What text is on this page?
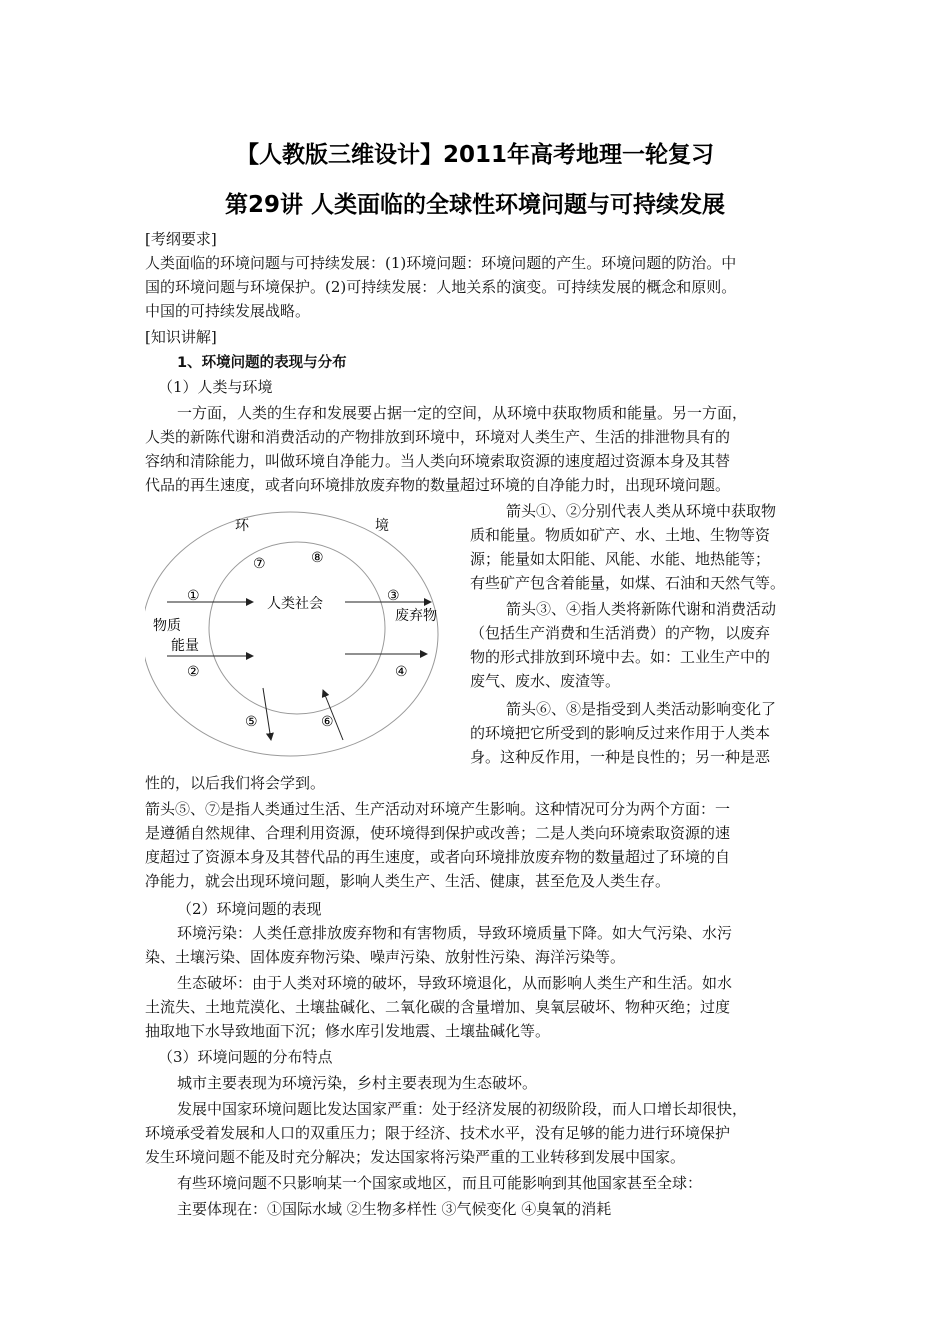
【人教版三维设计】2011年高考地理一轮复习
第29讲 人类面临的全球性环境问题与可持续发展
[考纲要求]
人类面临的环境问题与可持续发展：(1)环境问题：环境问题的产生。环境问题的防治。中
国的环境问题与环境保护。(2)可持续发展：人地关系的演变。可持续发展的概念和原则。
中国的可持续发展战略。
[知识讲解]
1、环境问题的表现与分布
（1）人类与环境
一方面，人类的生存和发展要占据一定的空间，从环境中获取物质和能量。另一方面，
人类的新陈代谢和消费活动的产物排放到环境中，环境对人类生产、生活的排泄物具有的
容纳和清除能力，叫做环境自净能力。当人类向环境索取资源的速度超过资源本身及其替
代品的再生速度，或者向环境排放废弃物的数量超过环境的自净能力时，出现环境问题。
环	境
人类社会
物质
能量
废弃物
⑦	⑧
①	③
②	④
⑤	⑥
箭头①、②分别代表人类从环境中获取物
质和能量。物质如矿产、水、土地、生物等资
源；能量如太阳能、风能、水能、地热能等；
有些矿产包含着能量，如煤、石油和天然气等。
箭头③、④指人类将新陈代谢和消费活动
（包括生产消费和生活消费）的产物，以废弃
物的形式排放到环境中去。如：工业生产中的
废气、废水、废渣等。
箭头⑥、⑧是指受到人类活动影响变化了
的环境把它所受到的影响反过来作用于人类本
身。这种反作用，一种是良性的；另一种是恶
性的，以后我们将会学到。
箭头⑤、⑦是指人类通过生活、生产活动对环境产生影响。这种情况可分为两个方面：一
是遵循自然规律、合理利用资源，使环境得到保护或改善；二是人类向环境索取资源的速
度超过了资源本身及其替代品的再生速度，或者向环境排放废弃物的数量超过了环境的自
净能力，就会出现环境问题，影响人类生产、生活、健康，甚至危及人类生存。
（2）环境问题的表现
环境污染：人类任意排放废弃物和有害物质，导致环境质量下降。如大气污染、水污
染、土壤污染、固体废弃物污染、噪声污染、放射性污染、海洋污染等。
生态破坏：由于人类对环境的破坏，导致环境退化，从而影响人类生产和生活。如水
土流失、土地荒漠化、土壤盐碱化、二氧化碳的含量增加、臭氧层破坏、物种灭绝；过度
抽取地下水导致地面下沉；修水库引发地震、土壤盐碱化等。
（3）环境问题的分布特点
城市主要表现为环境污染，乡村主要表现为生态破坏。
发展中国家环境问题比发达国家严重：处于经济发展的初级阶段，而人口增长却很快，
环境承受着发展和人口的双重压力；限于经济、技术水平，没有足够的能力进行环境保护
发生环境问题不能及时充分解决；发达国家将污染严重的工业转移到发展中国家。
有些环境问题不只影响某一个国家或地区，而且可能影响到其他国家甚至全球：
主要体现在：①国际水域 ②生物多样性 ③气候变化 ④臭氧的消耗
